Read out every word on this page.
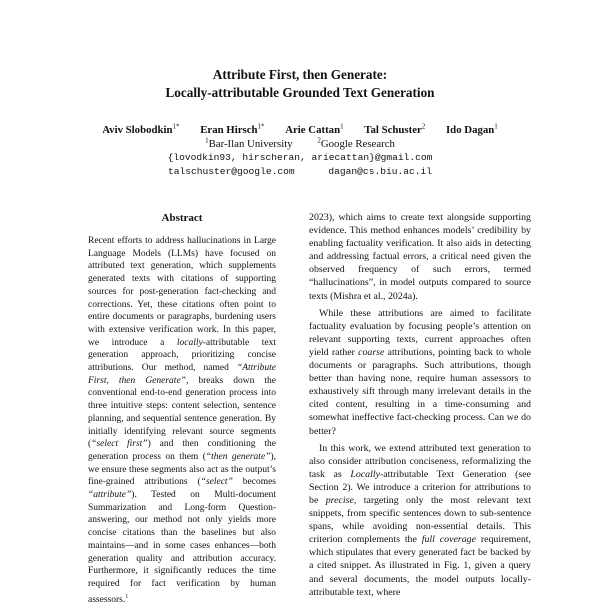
Attribute First, then Generate:
Locally-attributable Grounded Text Generation
Aviv Slobodkin$^{1*}$ Eran Hirsch$^{1*}$ Arie Cattan$^1$ Tal Schuster$^2$ Ido Dagan$^1$
$^1$Bar-Ilan University	$^2$Google Research
{lovodkin93, hirscheran, ariecattan}@gmail.com
talschuster@google.com	dagan@cs.biu.ac.il
Abstract
Recent efforts to address hallucinations in Large Language Models (LLMs) have focused on attributed text generation, which supplements generated texts with citations of supporting sources for post-generation fact-checking and corrections. Yet, these citations often point to entire documents or paragraphs, burdening users with extensive verification work. In this paper, we introduce a locally-attributable text generation approach, prioritizing concise attributions. Our method, named “Attribute First, then Generate”, breaks down the conventional end-to-end generation process into three intuitive steps: content selection, sentence planning, and sequential sentence generation. By initially identifying relevant source segments (“select first”) and then conditioning the generation process on them (“then generate”), we ensure these segments also act as the output’s fine-grained attributions (“select” becomes “attribute”). Tested on Multi-document Summarization and Long-form Question-answering, our method not only yields more concise citations than the baselines but also maintains—and in some cases enhances—both generation quality and attribution accuracy. Furthermore, it significantly reduces the time required for fact verification by human assessors.$^1$

2023), which aims to create text alongside supporting evidence. This method enhances models’ credibility by enabling factuality verification. It also aids in detecting and addressing factual errors, a critical need given the observed frequency of such errors, termed “hallucinations”, in model outputs compared to source texts (Mishra et al., 2024a).

While these attributions are aimed to facilitate factuality evaluation by focusing people’s attention on relevant supporting texts, current approaches often yield rather coarse attributions, pointing back to whole documents or paragraphs. Such attributions, though better than having none, require human assessors to exhaustively sift through many irrelevant details in the cited content, resulting in a time-consuming and somewhat ineffective fact-checking process. Can we do better?

In this work, we extend attributed text generation to also consider attribution conciseness, reformalizing the task as Locally-attributable Text Generation (see Section 2). We introduce a criterion for attributions to be precise, targeting only the most relevant text snippets, from specific sentences down to sub-sentence spans, while avoiding non-essential details. This criterion complements the full coverage requirement, which stipulates that every generated fact be backed by a cited snippet. As illustrated in Fig. 1, given a query and several documents, the model outputs locally-attributable text, where
